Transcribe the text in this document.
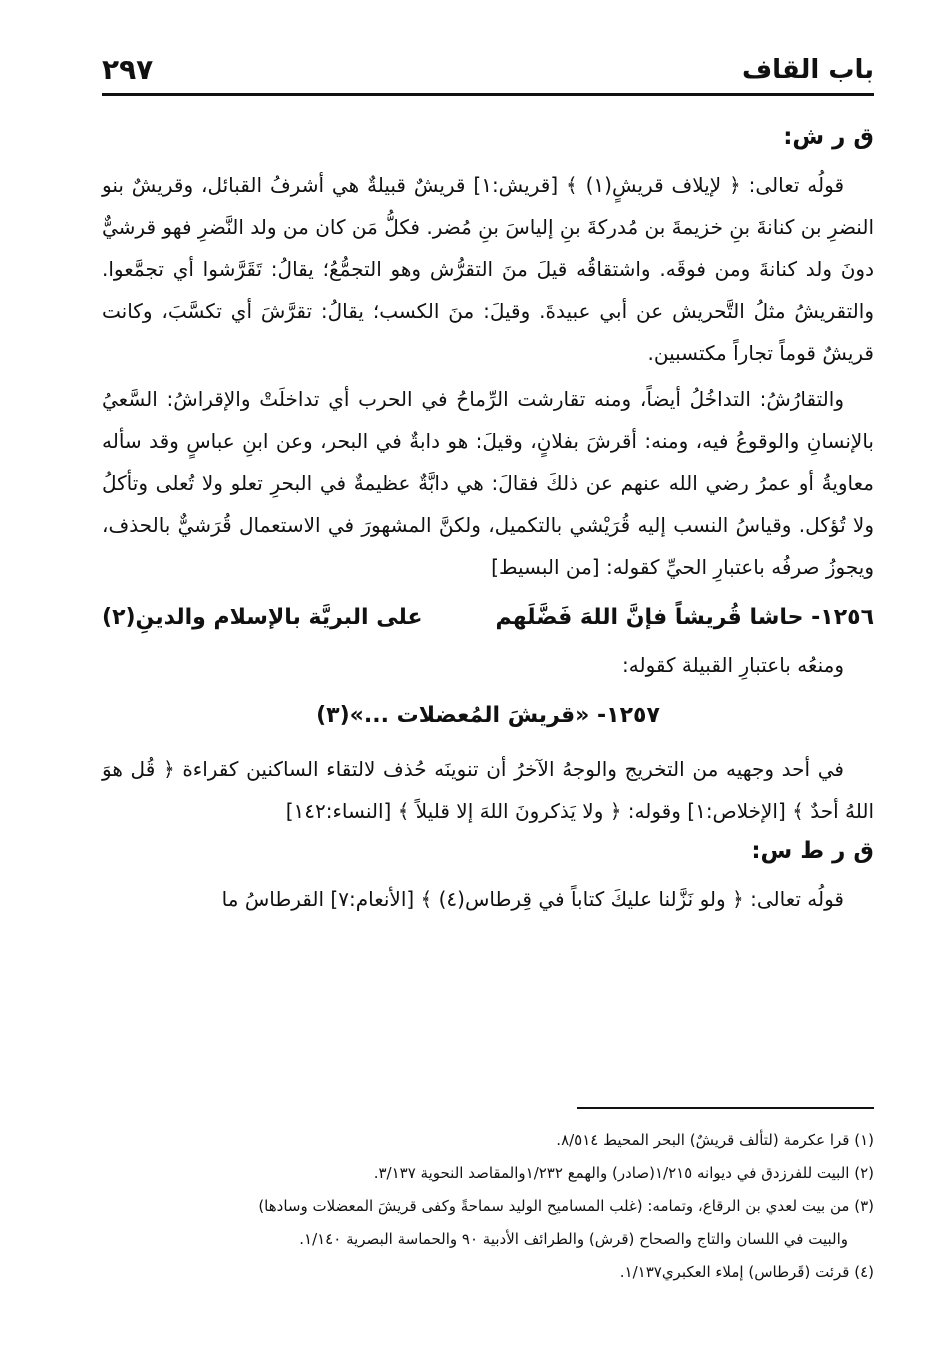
باب القاف
٢٩٧
ق ر ش:

قولُه تعالى: ﴿ لإيلاف قريشٍ(١) ﴾ [قريش:١] قريشٌ قبيلةٌ هي أشرفُ القبائل، وقريشٌ بنو النضرِ بن كنانةَ بنِ خزيمةَ بن مُدركةَ بنِ إلياسَ بنِ مُضر. فكلُّ مَن كان من ولد النَّضرِ فهو قرشيٌّ دونَ ولد كنانةَ ومن فوقَه. واشتقاقُه قيلَ منَ التقرُّش وهو التجمُّعُ؛ يقالُ: تَقَرَّشوا أي تجمَّعوا. والتقريشُ مثلُ التَّحريش عن أبي عبيدةَ. وقيلَ: منَ الكسب؛ يقالُ: تقرَّشَ أي تكسَّبَ، وكانت قريشٌ قوماً تجاراً مكتسبين.

والتقارُشُ: التداخُلُ أيضاً، ومنه تقارشت الرِّماحُ في الحرب أي تداخلَتْ والإقراشُ: السَّعيُ بالإنسانِ والوقوعُ فيه، ومنه: أقرشَ بفلانٍ، وقيلَ: هو دابةٌ في البحر، وعن ابنِ عباسٍ وقد سأله معاويةُ أو عمرُ رضي الله عنهم عن ذلكَ فقالَ: هي دابَّةٌ عظيمةٌ في البحرِ تعلو ولا تُعلى وتأكلُ ولا تُؤكل. وقياسُ النسب إليه قُرَيْشي بالتكميل، ولكنَّ المشهورَ في الاستعمال قُرَشيٌّ بالحذف، ويجوزُ صرفُه باعتبارِ الحيِّ كقوله: [من البسيط]

١٢٥٦- حاشا قُريشاً فإنَّ اللهَ فَضَّلَهم
على البريَّة بالإسلام والدينِ(٢)

ومنعُه باعتبارِ القبيلة كقوله:

١٢٥٧- «قريشَ المُعضلات ...»(٣)

في أحد وجهيه من التخريج والوجهُ الآخرُ أن تنوينَه حُذف لالتقاء الساكنين كقراءة ﴿ قُل هوَ اللهُ أحدٌ ﴾ [الإخلاص:١] وقوله: ﴿ ولا يَذكرونَ اللهَ إلا قليلاً ﴾ [النساء:١٤٢]

ق ر ط س:

قولُه تعالى: ﴿ ولو نَزَّلنا عليكَ كتاباً في قِرطاس(٤) ﴾ [الأنعام:٧] القرطاسُ ما

(١) قرا عكرمة (لتألف قريشٌ) البحر المحيط ٨/٥١٤.
(٢) البيت للفرزدق في ديوانه ١/٢١٥(صادر) والهمع ١/٢٣٢والمقاصد النحوية ٣/١٣٧.
(٣) من بيت لعدي بن الرقاع، وتمامه: (غلب المساميح الوليد سماحةً وكفى قريشَ المعضلات وسادها)
والبيت في اللسان والتاج والصحاح (قرش) والطرائف الأدبية ٩٠ والحماسة البصرية ١/١٤٠.
(٤) قرئت (قَرطاس) إملاء العكبري١/١٣٧.
